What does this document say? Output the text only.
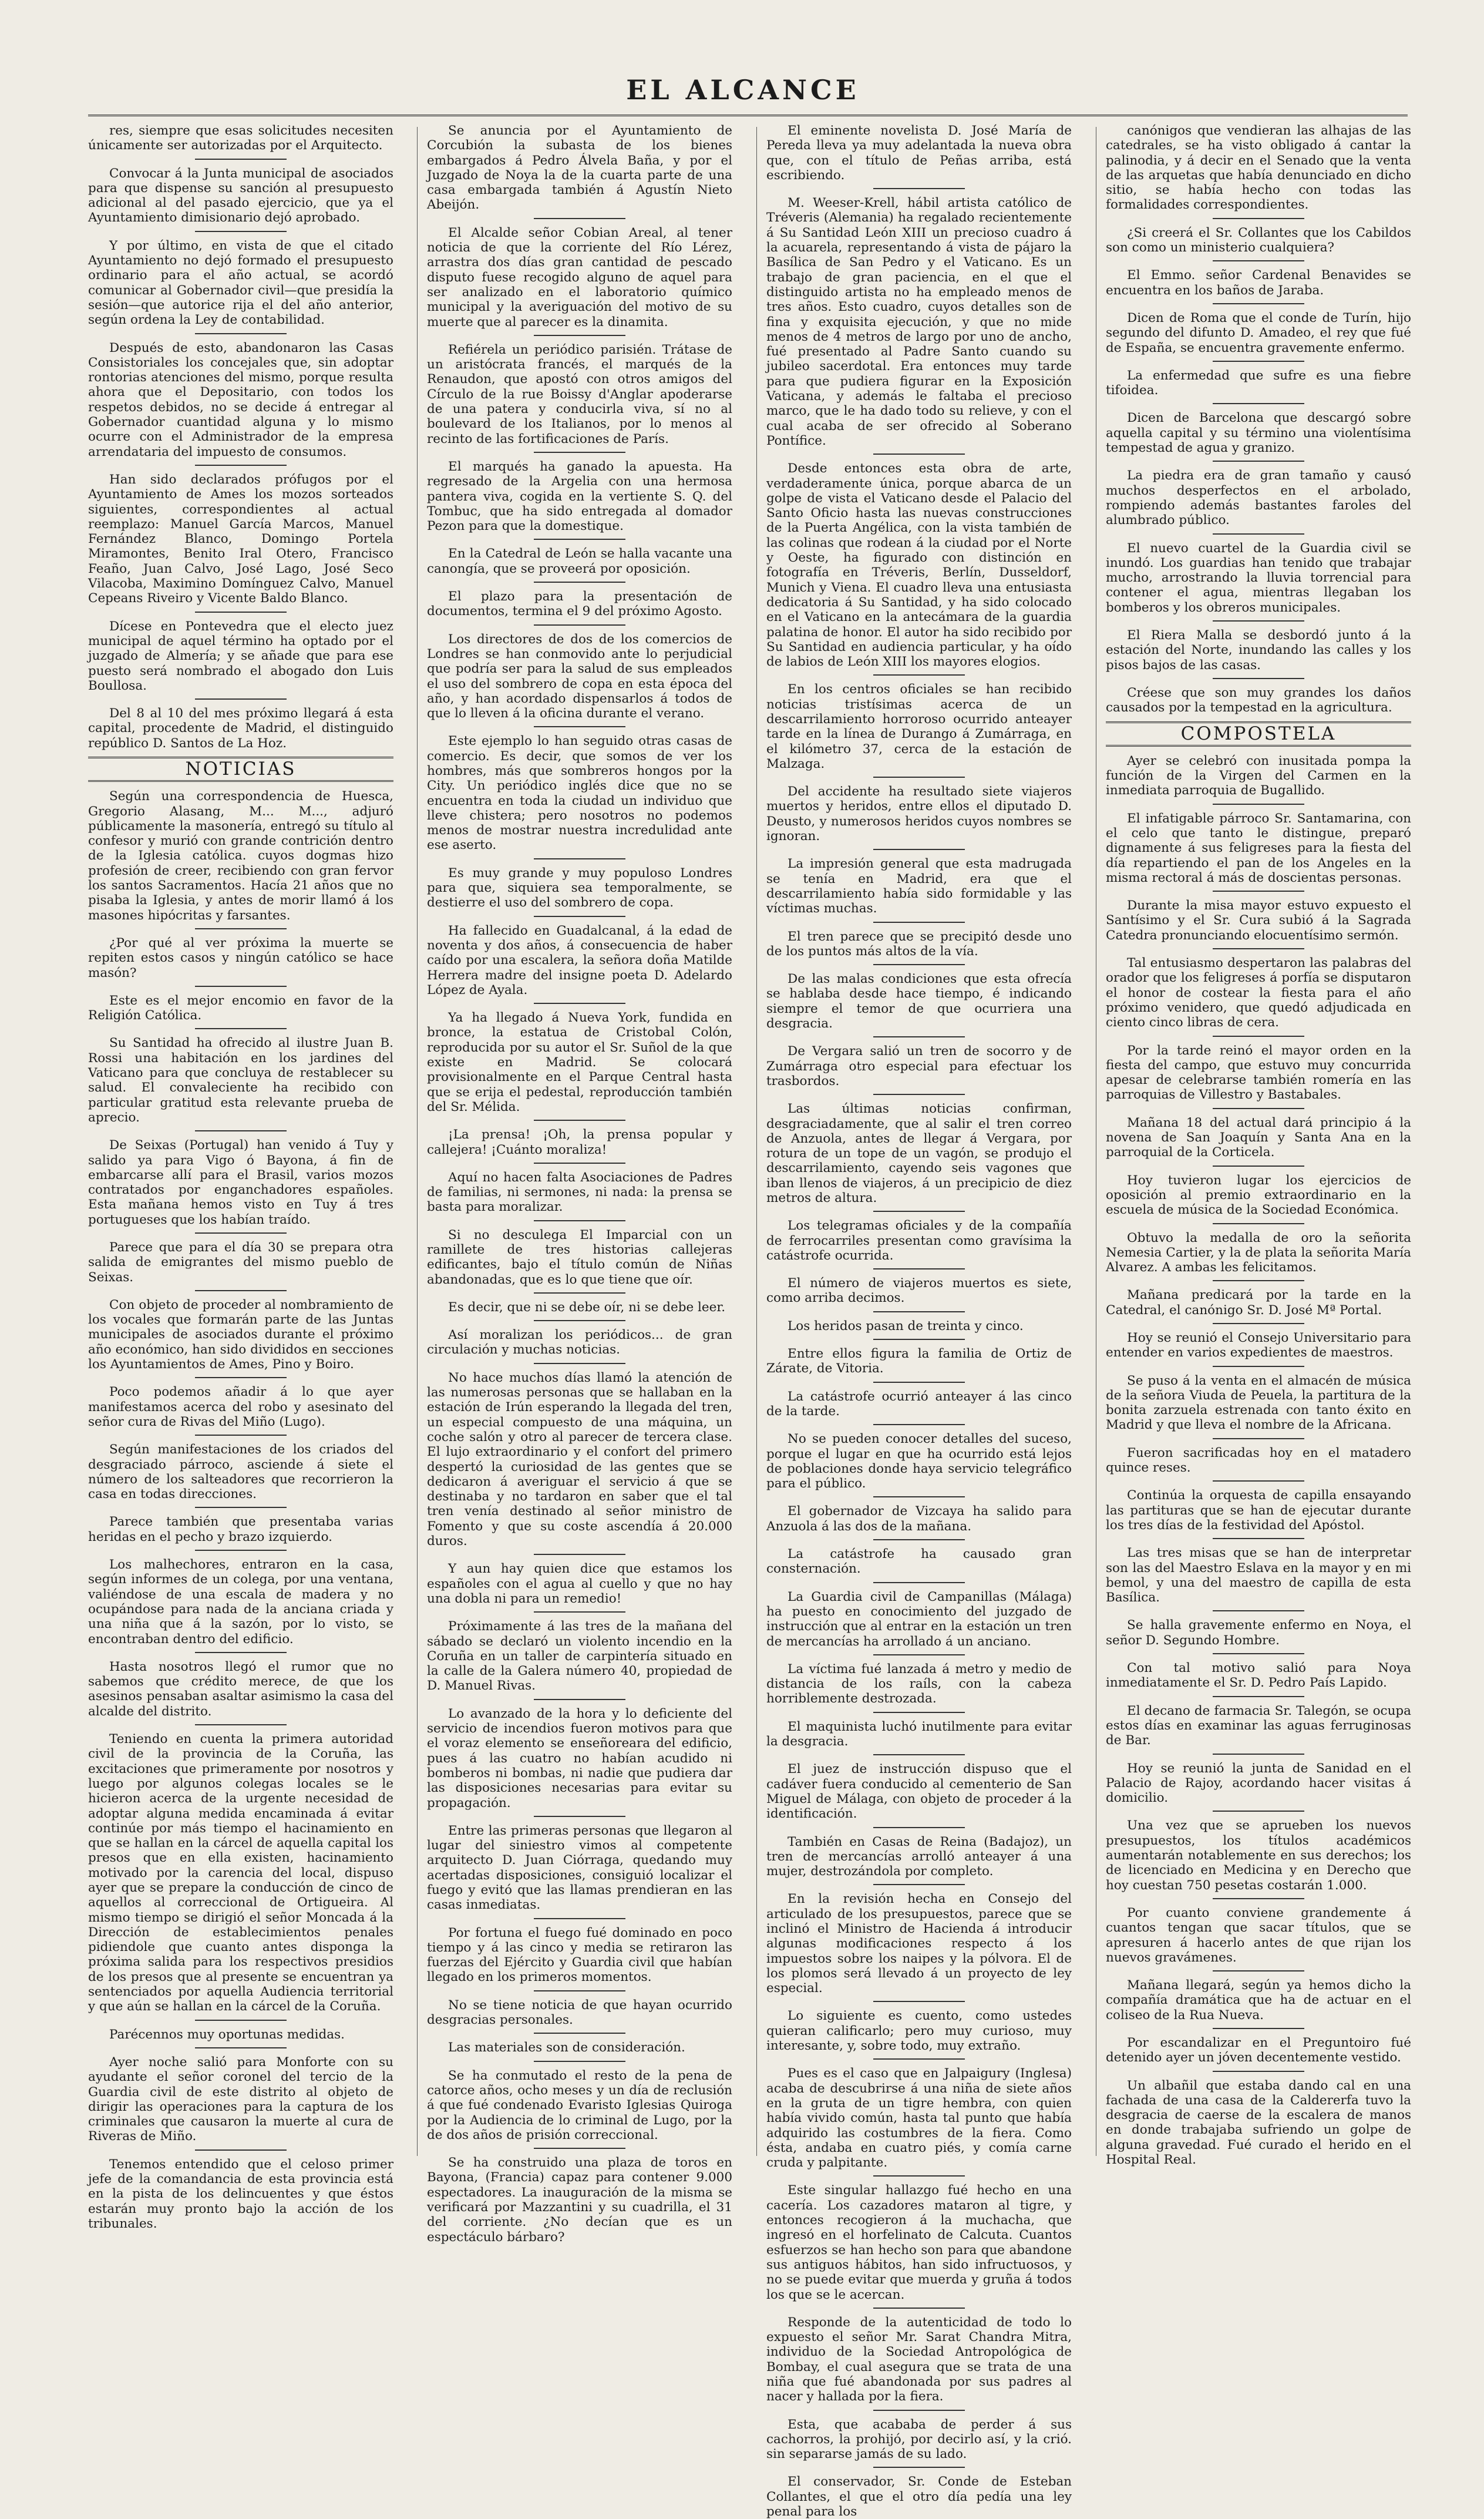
EL ALCANCE

res, siempre que esas solicitudes necesiten únicamente ser autorizadas por el Arquitecto.

Convocar á la Junta municipal de asociados para que dispense su sanción al presupuesto adicional al del pasado ejercicio, que ya el Ayuntamiento dimisionario dejó aprobado.

Y por último, en vista de que el citado Ayuntamiento no dejó formado el presupuesto ordinario para el año actual, se acordó comunicar al Gobernador civil—que presidía la sesión—que autorice rija el del año anterior, según ordena la Ley de contabilidad.

Después de esto, abandonaron las Casas Consistoriales los concejales que, sin adoptar rontorias atenciones del mismo, porque resulta ahora que el Depositario, con todos los respetos debidos, no se decide á entregar al Gobernador cuantidad alguna y lo mismo ocurre con el Administrador de la empresa arrendataria del impuesto de consumos.

Han sido declarados prófugos por el Ayuntamiento de Ames los mozos sorteados siguientes, correspondientes al actual reemplazo: Manuel García Marcos, Manuel Fernández Blanco, Domingo Portela Miramontes, Benito Iral Otero, Francisco Feaño, Juan Calvo, José Lago, José Seco Vilacoba, Maximino Domínguez Calvo, Manuel Cepeans Riveiro y Vicente Baldo Blanco.

Dícese en Pontevedra que el electo juez municipal de aquel término ha optado por el juzgado de Almería; y se añade que para ese puesto será nombrado el abogado don Luis Boullosa.

Del 8 al 10 del mes próximo llegará á esta capital, procedente de Madrid, el distinguido repúblico D. Santos de La Hoz.

NOTICIAS

Según una correspondencia de Huesca, Gregorio Alasang, M... M..., adjuró públicamente la masonería, entregó su título al confesor y murió con grande contrición dentro de la Iglesia católica. cuyos dogmas hizo profesión de creer, recibiendo con gran fervor los santos Sacramentos. Hacía 21 años que no pisaba la Iglesia, y antes de morir llamó á los masones hipócritas y farsantes.

¿Por qué al ver próxima la muerte se repiten estos casos y ningún católico se hace masón?

Este es el mejor encomio en favor de la Religión Católica.

Su Santidad ha ofrecido al ilustre Juan B. Rossi una habitación en los jardines del Vaticano para que concluya de restablecer su salud. El convaleciente ha recibido con particular gratitud esta relevante prueba de aprecio.

De Seixas (Portugal) han venido á Tuy y salido ya para Vigo ó Bayona, á fin de embarcarse allí para el Brasil, varios mozos contratados por enganchadores españoles. Esta mañana hemos visto en Tuy á tres portugueses que los habían traído.

Parece que para el día 30 se prepara otra salida de emigrantes del mismo pueblo de Seixas.

Con objeto de proceder al nombramiento de los vocales que formarán parte de las Juntas municipales de asociados durante el próximo año económico, han sido divididos en secciones los Ayuntamientos de Ames, Pino y Boiro.

Poco podemos añadir á lo que ayer manifestamos acerca del robo y asesinato del señor cura de Rivas del Miño (Lugo).

Según manifestaciones de los criados del desgraciado párroco, asciende á siete el número de los salteadores que recorrieron la casa en todas direcciones.

Parece también que presentaba varias heridas en el pecho y brazo izquierdo.

Los malhechores, entraron en la casa, según informes de un colega, por una ventana, valiéndose de una escala de madera y no ocupándose para nada de la anciana criada y una niña que á la sazón, por lo visto, se encontraban dentro del edificio.

Hasta nosotros llegó el rumor que no sabemos que crédito merece, de que los asesinos pensaban asaltar asimismo la casa del alcalde del distrito.

Teniendo en cuenta la primera autoridad civil de la provincia de la Coruña, las excitaciones que primeramente por nosotros y luego por algunos colegas locales se le hicieron acerca de la urgente necesidad de adoptar alguna medida encaminada á evitar continúe por más tiempo el hacinamiento en que se hallan en la cárcel de aquella capital los presos que en ella existen, hacinamiento motivado por la carencia del local, dispuso ayer que se prepare la conducción de cinco de aquellos al correccional de Ortigueira. Al mismo tiempo se dirigió el señor Moncada á la Dirección de establecimientos penales pidiendole que cuanto antes disponga la próxima salida para los respectivos presidios de los presos que al presente se encuentran ya sentenciados por aquella Audiencia territorial y que aún se hallan en la cárcel de la Coruña.

Parécennos muy oportunas medidas.

Ayer noche salió para Monforte con su ayudante el señor coronel del tercio de la Guardia civil de este distrito al objeto de dirigir las operaciones para la captura de los criminales que causaron la muerte al cura de Riveras de Miño.

Tenemos entendido que el celoso primer jefe de la comandancia de esta provincia está en la pista de los delincuentes y que éstos estarán muy pronto bajo la acción de los tribunales.

Se anuncia por el Ayuntamiento de Corcubión la subasta de los bienes embargados á Pedro Álvela Baña, y por el Juzgado de Noya la de la cuarta parte de una casa embargada también á Agustín Nieto Abeijón.

El Alcalde señor Cobian Areal, al tener noticia de que la corriente del Río Lérez, arrastra dos días gran cantidad de pescado disputo fuese recogido alguno de aquel para ser analizado en el laboratorio químico municipal y la averiguación del motivo de su muerte que al parecer es la dinamita.

Refiérela un periódico parisién. Trátase de un aristócrata francés, el marqués de la Renaudon, que apostó con otros amigos del Círculo de la rue Boissy d'Anglar apoderarse de una patera y conducirla viva, sí no al boulevard de los Italianos, por lo menos al recinto de las fortificaciones de París.

El marqués ha ganado la apuesta. Ha regresado de la Argelia con una hermosa pantera viva, cogida en la vertiente S. Q. del Tombuc, que ha sido entregada al domador Pezon para que la domestique.

En la Catedral de León se halla vacante una canongía, que se proveerá por oposición.

El plazo para la presentación de documentos, termina el 9 del próximo Agosto.

Los directores de dos de los comercios de Londres se han conmovido ante lo perjudicial que podría ser para la salud de sus empleados el uso del sombrero de copa en esta época del año, y han acordado dispensarlos á todos de que lo lleven á la oficina durante el verano.

Este ejemplo lo han seguido otras casas de comercio. Es decir, que somos de ver los hombres, más que sombreros hongos por la City. Un periódico inglés dice que no se encuentra en toda la ciudad un individuo que lleve chistera; pero nosotros no podemos menos de mostrar nuestra incredulidad ante ese aserto.

Es muy grande y muy populoso Londres para que, siquiera sea temporalmente, se destierre el uso del sombrero de copa.

Ha fallecido en Guadalcanal, á la edad de noventa y dos años, á consecuencia de haber caído por una escalera, la señora doña Matilde Herrera madre del insigne poeta D. Adelardo López de Ayala.

Ya ha llegado á Nueva York, fundida en bronce, la estatua de Cristobal Colón, reproducida por su autor el Sr. Suñol de la que existe en Madrid. Se colocará provisionalmente en el Parque Central hasta que se erija el pedestal, reproducción también del Sr. Mélida.

¡La prensa! ¡Oh, la prensa popular y callejera! ¡Cuánto moraliza!

Aquí no hacen falta Asociaciones de Padres de familias, ni sermones, ni nada: la prensa se basta para moralizar.

Si no desculega El Imparcial con un ramillete de tres historias callejeras edificantes, bajo el título común de Niñas abandonadas, que es lo que tiene que oír.

Es decir, que ni se debe oír, ni se debe leer.

Así moralizan los periódicos... de gran circulación y muchas noticias.

No hace muchos días llamó la atención de las numerosas personas que se hallaban en la estación de Irún esperando la llegada del tren, un especial compuesto de una máquina, un coche salón y otro al parecer de tercera clase. El lujo extraordinario y el confort del primero despertó la curiosidad de las gentes que se dedicaron á averiguar el servicio á que se destinaba y no tardaron en saber que el tal tren venía destinado al señor ministro de Fomento y que su coste ascendía á 20.000 duros.

Y aun hay quien dice que estamos los españoles con el agua al cuello y que no hay una dobla ni para un remedio!

Próximamente á las tres de la mañana del sábado se declaró un violento incendio en la Coruña en un taller de carpintería situado en la calle de la Galera número 40, propiedad de D. Manuel Rivas.

Lo avanzado de la hora y lo deficiente del servicio de incendios fueron motivos para que el voraz elemento se enseñoreara del edificio, pues á las cuatro no habían acudido ni bomberos ni bombas, ni nadie que pudiera dar las disposiciones necesarias para evitar su propagación.

Entre las primeras personas que llegaron al lugar del siniestro vimos al competente arquitecto D. Juan Ciórraga, quedando muy acertadas disposiciones, consiguió localizar el fuego y evitó que las llamas prendieran en las casas inmediatas.

Por fortuna el fuego fué dominado en poco tiempo y á las cinco y media se retiraron las fuerzas del Ejército y Guardia civil que habían llegado en los primeros momentos.

No se tiene noticia de que hayan ocurrido desgracias personales.

Las materiales son de consideración.

Se ha conmutado el resto de la pena de catorce años, ocho meses y un día de reclusión á que fué condenado Evaristo Iglesias Quiroga por la Audiencia de lo criminal de Lugo, por la de dos años de prisión correccional.

Se ha construido una plaza de toros en Bayona, (Francia) capaz para contener 9.000 espectadores. La inauguración de la misma se verificará por Mazzantini y su cuadrilla, el 31 del corriente. ¿No decían que es un espectáculo bárbaro?

El eminente novelista D. José María de Pereda lleva ya muy adelantada la nueva obra que, con el título de Peñas arriba, está escribiendo.

M. Weeser-Krell, hábil artista católico de Tréveris (Alemania) ha regalado recientemente á Su Santidad León XIII un precioso cuadro á la acuarela, representando á vista de pájaro la Basílica de San Pedro y el Vaticano. Es un trabajo de gran paciencia, en el que el distinguido artista no ha empleado menos de tres años. Esto cuadro, cuyos detalles son de fina y exquisita ejecución, y que no mide menos de 4 metros de largo por uno de ancho, fué presentado al Padre Santo cuando su jubileo sacerdotal. Era entonces muy tarde para que pudiera figurar en la Exposición Vaticana, y además le faltaba el precioso marco, que le ha dado todo su relieve, y con el cual acaba de ser ofrecido al Soberano Pontífice.

Desde entonces esta obra de arte, verdaderamente única, porque abarca de un golpe de vista el Vaticano desde el Palacio del Santo Oficio hasta las nuevas construcciones de la Puerta Angélica, con la vista también de las colinas que rodean á la ciudad por el Norte y Oeste, ha figurado con distinción en fotografía en Tréveris, Berlín, Dusseldorf, Munich y Viena. El cuadro lleva una entusiasta dedicatoria á Su Santidad, y ha sido colocado en el Vaticano en la antecámara de la guardia palatina de honor. El autor ha sido recibido por Su Santidad en audiencia particular, y ha oído de labios de León XIII los mayores elogios.

En los centros oficiales se han recibido noticias tristísimas acerca de un descarrilamiento horroroso ocurrido anteayer tarde en la línea de Durango á Zumárraga, en el kilómetro 37, cerca de la estación de Malzaga.

Del accidente ha resultado siete viajeros muertos y heridos, entre ellos el diputado D. Deusto, y numerosos heridos cuyos nombres se ignoran.

La impresión general que esta madrugada se tenía en Madrid, era que el descarrilamiento había sido formidable y las víctimas muchas.

El tren parece que se precipitó desde uno de los puntos más altos de la vía.

De las malas condiciones que esta ofrecía se hablaba desde hace tiempo, é indicando siempre el temor de que ocurriera una desgracia.

De Vergara salió un tren de socorro y de Zumárraga otro especial para efectuar los trasbordos.

Las últimas noticias confirman, desgraciadamente, que al salir el tren correo de Anzuola, antes de llegar á Vergara, por rotura de un tope de un vagón, se produjo el descarrilamiento, cayendo seis vagones que iban llenos de viajeros, á un precipicio de diez metros de altura.

Los telegramas oficiales y de la compañía de ferrocarriles presentan como gravísima la catástrofe ocurrida.

El número de viajeros muertos es siete, como arriba decimos.

Los heridos pasan de treinta y cinco.

Entre ellos figura la familia de Ortiz de Zárate, de Vitoria.

La catástrofe ocurrió anteayer á las cinco de la tarde.

No se pueden conocer detalles del suceso, porque el lugar en que ha ocurrido está lejos de poblaciones donde haya servicio telegráfico para el público.

El gobernador de Vizcaya ha salido para Anzuola á las dos de la mañana.

La catástrofe ha causado gran consternación.

La Guardia civil de Campanillas (Málaga) ha puesto en conocimiento del juzgado de instrucción que al entrar en la estación un tren de mercancías ha arrollado á un anciano.

La víctima fué lanzada á metro y medio de distancia de los raíls, con la cabeza horriblemente destrozada.

El maquinista luchó inutilmente para evitar la desgracia.

El juez de instrucción dispuso que el cadáver fuera conducido al cementerio de San Miguel de Málaga, con objeto de proceder á la identificación.

También en Casas de Reina (Badajoz), un tren de mercancías arrolló anteayer á una mujer, destrozándola por completo.

En la revisión hecha en Consejo del articulado de los presupuestos, parece que se inclinó el Ministro de Hacienda á introducir algunas modificaciones respecto á los impuestos sobre los naipes y la pólvora. El de los plomos será llevado á un proyecto de ley especial.

Lo siguiente es cuento, como ustedes quieran calificarlo; pero muy curioso, muy interesante, y, sobre todo, muy extraño.

Pues es el caso que en Jalpaigury (Inglesa) acaba de descubrirse á una niña de siete años en la gruta de un tigre hembra, con quien había vivido común, hasta tal punto que había adquirido las costumbres de la fiera. Como ésta, andaba en cuatro piés, y comía carne cruda y palpitante.

Este singular hallazgo fué hecho en una cacería. Los cazadores mataron al tigre, y entonces recogieron á la muchacha, que ingresó en el horfelinato de Calcuta. Cuantos esfuerzos se han hecho son para que abandone sus antiguos hábitos, han sido infructuosos, y no se puede evitar que muerda y gruña á todos los que se le acercan.

Responde de la autenticidad de todo lo expuesto el señor Mr. Sarat Chandra Mitra, individuo de la Sociedad Antropológica de Bombay, el cual asegura que se trata de una niña que fué abandonada por sus padres al nacer y hallada por la fiera.

Esta, que acababa de perder á sus cachorros, la prohijó, por decirlo así, y la crió. sin separarse jamás de su lado.

El conservador, Sr. Conde de Esteban Collantes, el que el otro día pedía una ley penal para los

canónigos que vendieran las alhajas de las catedrales, se ha visto obligado á cantar la palinodia, y á decir en el Senado que la venta de las arquetas que había denunciado en dicho sitio, se había hecho con todas las formalidades correspondientes.

¿Si creerá el Sr. Collantes que los Cabildos son como un ministerio cualquiera?

El Emmo. señor Cardenal Benavides se encuentra en los baños de Jaraba.

Dicen de Roma que el conde de Turín, hijo segundo del difunto D. Amadeo, el rey que fué de España, se encuentra gravemente enfermo.

La enfermedad que sufre es una fiebre tifoidea.

Dicen de Barcelona que descargó sobre aquella capital y su término una violentísima tempestad de agua y granizo.

La piedra era de gran tamaño y causó muchos desperfectos en el arbolado, rompiendo además bastantes faroles del alumbrado público.

El nuevo cuartel de la Guardia civil se inundó. Los guardias han tenido que trabajar mucho, arrostrando la lluvia torrencial para contener el agua, mientras llegaban los bomberos y los obreros municipales.

El Riera Malla se desbordó junto á la estación del Norte, inundando las calles y los pisos bajos de las casas.

Créese que son muy grandes los daños causados por la tempestad en la agricultura.

COMPOSTELA

Ayer se celebró con inusitada pompa la función de la Virgen del Carmen en la inmediata parroquia de Bugallido.

El infatigable párroco Sr. Santamarina, con el celo que tanto le distingue, preparó dignamente á sus feligreses para la fiesta del día repartiendo el pan de los Angeles en la misma rectoral á más de doscientas personas.

Durante la misa mayor estuvo expuesto el Santísimo y el Sr. Cura subió á la Sagrada Catedra pronunciando elocuentísimo sermón.

Tal entusiasmo despertaron las palabras del orador que los feligreses á porfía se disputaron el honor de costear la fiesta para el año próximo venidero, que quedó adjudicada en ciento cinco libras de cera.

Por la tarde reinó el mayor orden en la fiesta del campo, que estuvo muy concurrida apesar de celebrarse también romería en las parroquias de Villestro y Bastabales.

Mañana 18 del actual dará principio á la novena de San Joaquín y Santa Ana en la parroquial de la Corticela.

Hoy tuvieron lugar los ejercicios de oposición al premio extraordinario en la escuela de música de la Sociedad Económica.

Obtuvo la medalla de oro la señorita Nemesia Cartier, y la de plata la señorita María Alvarez. A ambas les felicitamos.

Mañana predicará por la tarde en la Catedral, el canónigo Sr. D. José Mª Portal.

Hoy se reunió el Consejo Universitario para entender en varios expedientes de maestros.

Se puso á la venta en el almacén de música de la señora Viuda de Peuela, la partitura de la bonita zarzuela estrenada con tanto éxito en Madrid y que lleva el nombre de la Africana.

Fueron sacrificadas hoy en el matadero quince reses.

Continúa la orquesta de capilla ensayando las partituras que se han de ejecutar durante los tres días de la festividad del Apóstol.

Las tres misas que se han de interpretar son las del Maestro Eslava en la mayor y en mi bemol, y una del maestro de capilla de esta Basílica.

Se halla gravemente enfermo en Noya, el señor D. Segundo Hombre.

Con tal motivo salió para Noya inmediatamente el Sr. D. Pedro País Lapido.

El decano de farmacia Sr. Talegón, se ocupa estos días en examinar las aguas ferruginosas de Bar.

Hoy se reunió la junta de Sanidad en el Palacio de Rajoy, acordando hacer visitas á domicilio.

Una vez que se aprueben los nuevos presupuestos, los títulos académicos aumentarán notablemente en sus derechos; los de licenciado en Medicina y en Derecho que hoy cuestan 750 pesetas costarán 1.000.

Por cuanto conviene grandemente á cuantos tengan que sacar títulos, que se apresuren á hacerlo antes de que rijan los nuevos gravámenes.

Mañana llegará, según ya hemos dicho la compañía dramática que ha de actuar en el coliseo de la Rua Nueva.

Por escandalizar en el Preguntoiro fué detenido ayer un jóven decentemente vestido.

Un albañil que estaba dando cal en una fachada de una casa de la Caldererfa tuvo la desgracia de caerse de la escalera de manos en donde trabajaba sufriendo un golpe de alguna gravedad. Fué curado el herido en el Hospital Real.
